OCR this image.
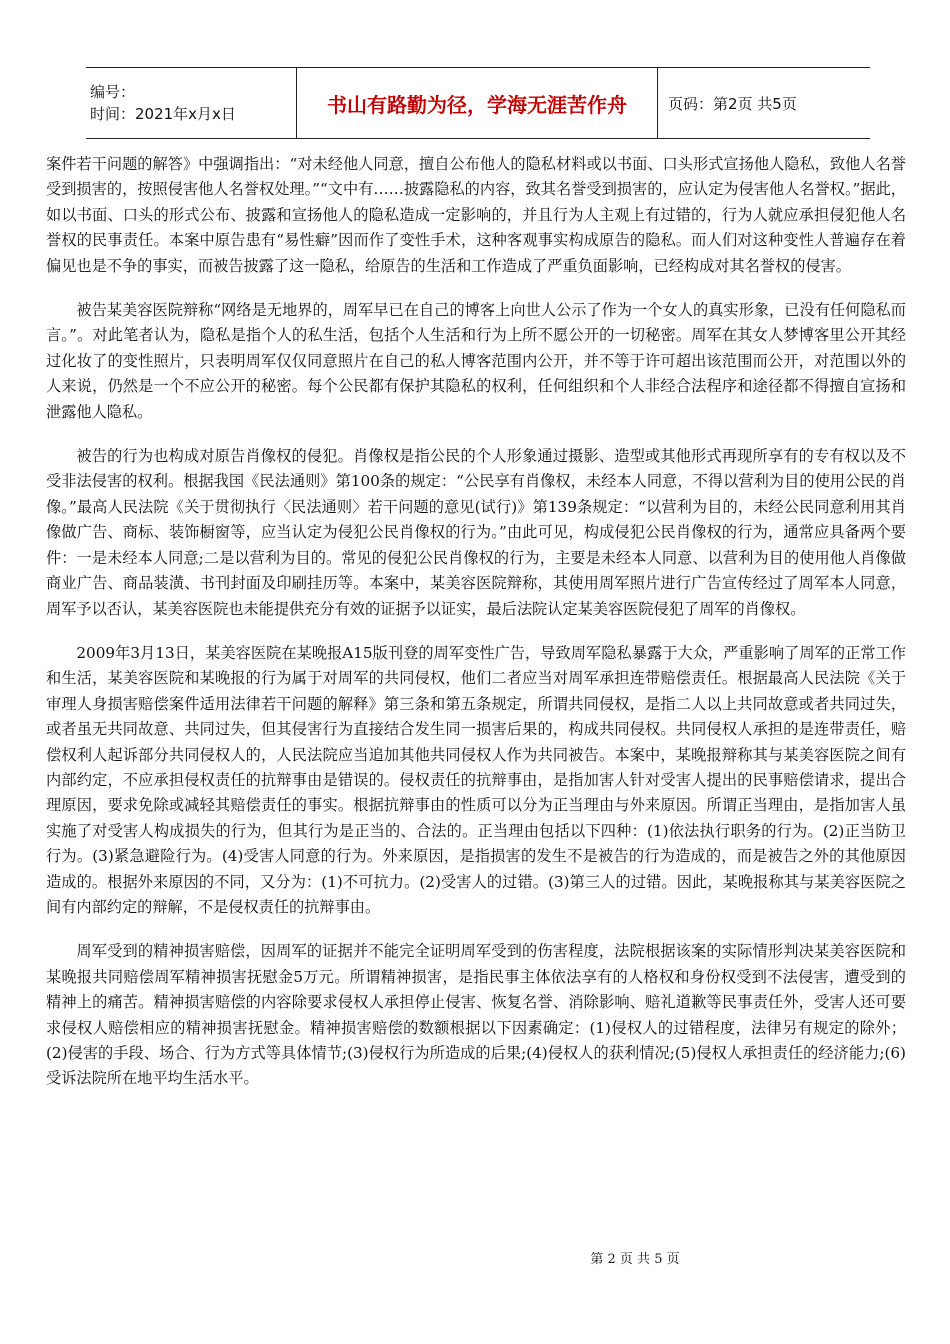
编号：
时间：2021年x月x日	书山有路勤为径，学海无涯苦作舟	页码：第2页 共5页

案件若干问题的解答》中强调指出：“对未经他人同意，擅自公布他人的隐私材料或以书面、口头形式宣扬他人隐私，致他人名誉受到损害的，按照侵害他人名誉权处理。”“文中有……披露隐私的内容，致其名誉受到损害的，应认定为侵害他人名誉权。”据此，如以书面、口头的形式公布、披露和宣扬他人的隐私造成一定影响的，并且行为人主观上有过错的，行为人就应承担侵犯他人名誉权的民事责任。本案中原告患有“易性癖”因而作了变性手术，这种客观事实构成原告的隐私。而人们对这种变性人普遍存在着偏见也是不争的事实，而被告披露了这一隐私，给原告的生活和工作造成了严重负面影响，已经构成对其名誉权的侵害。

被告某美容医院辩称“网络是无地界的，周军早已在自己的博客上向世人公示了作为一个女人的真实形象，已没有任何隐私而言。”。对此笔者认为，隐私是指个人的私生活，包括个人生活和行为上所不愿公开的一切秘密。周军在其女人梦博客里公开其经过化妆了的变性照片，只表明周军仅仅同意照片在自己的私人博客范围内公开，并不等于许可超出该范围而公开，对范围以外的人来说，仍然是一个不应公开的秘密。每个公民都有保护其隐私的权利，任何组织和个人非经合法程序和途径都不得擅自宣扬和泄露他人隐私。

被告的行为也构成对原告肖像权的侵犯。肖像权是指公民的个人形象通过摄影、造型或其他形式再现所享有的专有权以及不受非法侵害的权利。根据我国《民法通则》第100条的规定：“公民享有肖像权，未经本人同意，不得以营利为目的使用公民的肖像。”最高人民法院《关于贯彻执行〈民法通则〉若干问题的意见(试行)》第139条规定：“以营利为目的，未经公民同意利用其肖像做广告、商标、装饰橱窗等，应当认定为侵犯公民肖像权的行为。”由此可见，构成侵犯公民肖像权的行为，通常应具备两个要件：一是未经本人同意;二是以营利为目的。常见的侵犯公民肖像权的行为，主要是未经本人同意、以营利为目的使用他人肖像做商业广告、商品装潢、书刊封面及印刷挂历等。本案中，某美容医院辩称，其使用周军照片进行广告宣传经过了周军本人同意，周军予以否认，某美容医院也未能提供充分有效的证据予以证实，最后法院认定某美容医院侵犯了周军的肖像权。

2009年3月13日，某美容医院在某晚报A15版刊登的周军变性广告，导致周军隐私暴露于大众，严重影响了周军的正常工作和生活，某美容医院和某晚报的行为属于对周军的共同侵权，他们二者应当对周军承担连带赔偿责任。根据最高人民法院《关于审理人身损害赔偿案件适用法律若干问题的解释》第三条和第五条规定，所谓共同侵权，是指二人以上共同故意或者共同过失，或者虽无共同故意、共同过失，但其侵害行为直接结合发生同一损害后果的，构成共同侵权。共同侵权人承担的是连带责任，赔偿权利人起诉部分共同侵权人的，人民法院应当追加其他共同侵权人作为共同被告。本案中，某晚报辩称其与某美容医院之间有内部约定，不应承担侵权责任的抗辩事由是错误的。侵权责任的抗辩事由，是指加害人针对受害人提出的民事赔偿请求，提出合理原因，要求免除或减轻其赔偿责任的事实。根据抗辩事由的性质可以分为正当理由与外来原因。所谓正当理由，是指加害人虽实施了对受害人构成损失的行为，但其行为是正当的、合法的。正当理由包括以下四种：(1)依法执行职务的行为。(2)正当防卫行为。(3)紧急避险行为。(4)受害人同意的行为。外来原因，是指损害的发生不是被告的行为造成的，而是被告之外的其他原因造成的。根据外来原因的不同，又分为：(1)不可抗力。(2)受害人的过错。(3)第三人的过错。因此，某晚报称其与某美容医院之间有内部约定的辩解，不是侵权责任的抗辩事由。

周军受到的精神损害赔偿，因周军的证据并不能完全证明周军受到的伤害程度，法院根据该案的实际情形判决某美容医院和某晚报共同赔偿周军精神损害抚慰金5万元。所谓精神损害，是指民事主体依法享有的人格权和身份权受到不法侵害，遭受到的精神上的痛苦。精神损害赔偿的内容除要求侵权人承担停止侵害、恢复名誉、消除影响、赔礼道歉等民事责任外，受害人还可要求侵权人赔偿相应的精神损害抚慰金。精神损害赔偿的数额根据以下因素确定：(1)侵权人的过错程度，法律另有规定的除外；(2)侵害的手段、场合、行为方式等具体情节;(3)侵权行为所造成的后果;(4)侵权人的获利情况;(5)侵权人承担责任的经济能力;(6)受诉法院所在地平均生活水平。

第 2 页 共 5 页
